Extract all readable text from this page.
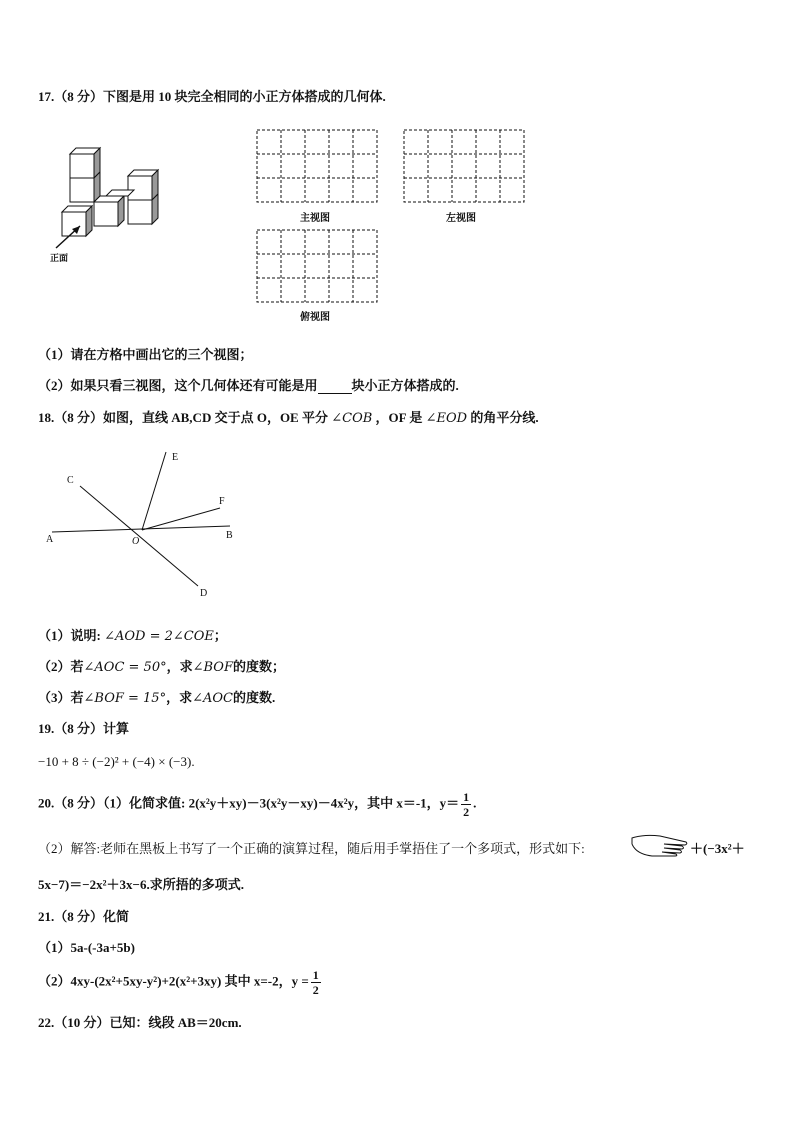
17.（8 分）下图是用 10 块完全相同的小正方体搭成的几何体.
正面
主视图	左视图
俯视图
（1）请在方格中画出它的三个视图；
（2）如果只看三视图，这个几何体还有可能是用	块小正方体搭成的.
18.（8 分）如图，直线 AB,CD 交于点 O，OE 平分 ∠COB ，OF 是 ∠EOD 的角平分线.
A	B
C
D
E
F
O
（1）说明: ∠AOD = 2∠COE；
（2）若∠AOC = 50°，求∠BOF的度数；
（3）若∠BOF = 15°，求∠AOC的度数.
19.（8 分）计算
−10 + 8 ÷ (−2)² + (−4) × (−3).
20.（8 分）（1）化简求值: 2(x²y＋xy)－3(x²y－xy)－4x²y，其中 x＝-1，$y= \frac{1}{2}$ .
（2）解答:老师在黑板上书写了一个正确的演算过程，随后用手掌捂住了一个多项式，形式如下:	＋(−3x²＋
5x−7)＝−2x²＋3x−6.求所捂的多项式.
21.（8 分）化简
（1）5a-(-3a+5b)
（2）4xy-(2x²+5xy-y²)+2(x²+3xy) 其中 x=-2，$y = \frac{1}{2}$
22.（10 分）已知：线段 AB＝20cm.
